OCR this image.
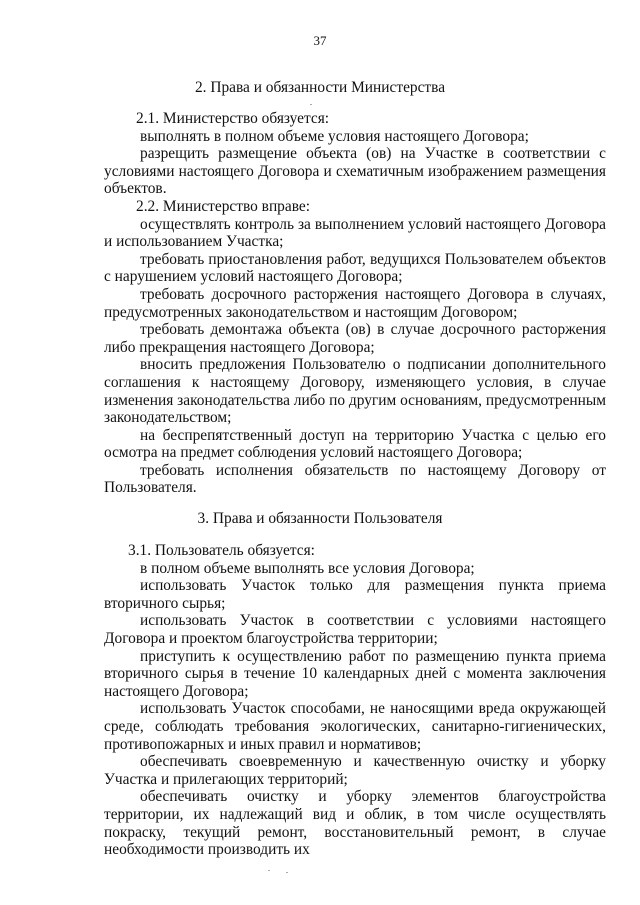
37
2. Права и обязанности Министерства
2.1. Министерство обязуется:
выполнять в полном объеме условия настоящего Договора;
разрещить размещение объекта (ов) на Участке в соответствии с условиями настоящего Договора и схематичным изображением размещения объектов.
2.2. Министерство вправе:
осуществлять контроль за выполнением условий настоящего Договора и использованием Участка;
требовать приостановления работ, ведущихся Пользователем объектов с нарушением условий настоящего Договора;
требовать досрочного расторжения настоящего Договора в случаях, предусмотренных законодательством и настоящим Договором;
требовать демонтажа объекта (ов) в случае досрочного расторжения либо прекращения настоящего Договора;
вносить предложения Пользователю о подписании дополнительного соглашения к настоящему Договору, изменяющего условия, в случае изменения законодательства либо по другим основаниям, предусмотренным законодательством;
на беспрепятственный доступ на территорию Участка с целью его осмотра на предмет соблюдения условий настоящего Договора;
требовать исполнения обязательств по настоящему Договору от Пользователя.
3. Права и обязанности Пользователя
3.1. Пользователь обязуется:
в полном объеме выполнять все условия Договора;
использовать Участок только для размещения пункта приема вторичного сырья;
использовать Участок в соответствии с условиями настоящего Договора и проектом благоустройства территории;
приступить к осуществлению работ по размещению пункта приема вторичного сырья в течение 10 календарных дней с момента заключения настоящего Договора;
использовать Участок способами, не наносящими вреда окружающей среде, соблюдать требования экологических, санитарно-гигиенических, противопожарных и иных правил и нормативов;
обеспечивать своевременную и качественную очистку и уборку Участка и прилегающих территорий;
обеспечивать очистку и уборку элементов благоустройства территории, их надлежащий вид и облик, в том числе осуществлять покраску, текущий ремонт, восстановительный ремонт, в случае необходимости производить их
